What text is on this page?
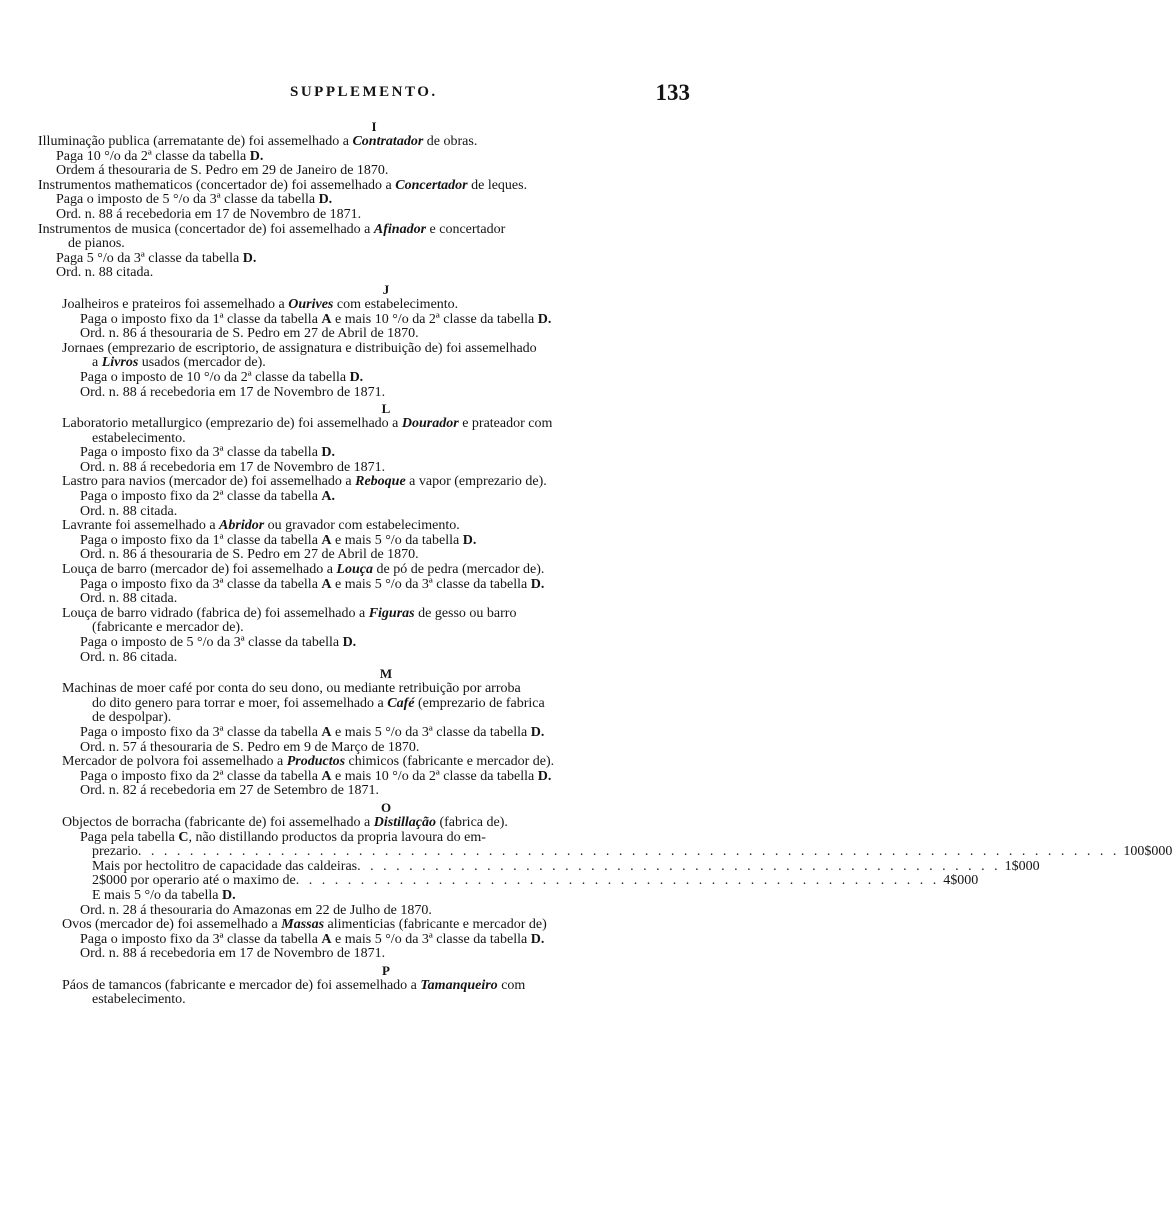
SUPPLEMENTO.	133
I
Illuminação publica (arrematante de) foi assemelhado a Contratador de obras.
Paga 10 °/o da 2ª classe da tabella D.
Ordem á thesouraria de S. Pedro em 29 de Janeiro de 1870.
Instrumentos mathematicos (concertador de) foi assemelhado a Concertador de leques.
Paga o imposto de 5 °/o da 3ª classe da tabella D.
Ord. n. 88 á recebedoria em 17 de Novembro de 1871.
Instrumentos de musica (concertador de) foi assemelhado a Afinador e concertador
de pianos.
Paga 5 °/o da 3ª classe da tabella D.
Ord. n. 88 citada.
J
Joalheiros e prateiros foi assemelhado a Ourives com estabelecimento.
Paga o imposto fixo da 1ª classe da tabella A e mais 10 °/o da 2ª classe da tabella D.
Ord. n. 86 á thesouraria de S. Pedro em 27 de Abril de 1870.
Jornaes (emprezario de escriptorio, de assignatura e distribuição de) foi assemelhado
a Livros usados (mercador de).
Paga o imposto de 10 °/o da 2ª classe da tabella D.
Ord. n. 88 á recebedoria em 17 de Novembro de 1871.
L
Laboratorio metallurgico (emprezario de) foi assemelhado a Dourador e prateador com
estabelecimento.
Paga o imposto fixo da 3ª classe da tabella D.
Ord. n. 88 á recebedoria em 17 de Novembro de 1871.
Lastro para navios (mercador de) foi assemelhado a Reboque a vapor (emprezario de).
Paga o imposto fixo da 2ª classe da tabella A.
Ord. n. 88 citada.
Lavrante foi assemelhado a Abridor ou gravador com estabelecimento.
Paga o imposto fixo da 1ª classe da tabella A e mais 5 °/o da tabella D.
Ord. n. 86 á thesouraria de S. Pedro em 27 de Abril de 1870.
Louça de barro (mercador de) foi assemelhado a Louça de pó de pedra (mercador de).
Paga o imposto fixo da 3ª classe da tabella A e mais 5 °/o da 3ª classe da tabella D.
Ord. n. 88 citada.
Louça de barro vidrado (fabrica de) foi assemelhado a Figuras de gesso ou barro
(fabricante e mercador de).
Paga o imposto de 5 °/o da 3ª classe da tabella D.
Ord. n. 86 citada.
M
Machinas de moer café por conta do seu dono, ou mediante retribuição por arroba
do dito genero para torrar e moer, foi assemelhado a Café (emprezario de fabrica
de despolpar).
Paga o imposto fixo da 3ª classe da tabella A e mais 5 °/o da 3ª classe da tabella D.
Ord. n. 57 á thesouraria de S. Pedro em 9 de Março de 1870.
Mercador de polvora foi assemelhado a Productos chimicos (fabricante e mercador de).
Paga o imposto fixo da 2ª classe da tabella A e mais 10 °/o da 2ª classe da tabella D.
Ord. n. 82 á recebedoria em 27 de Setembro de 1871.
O
Objectos de borracha (fabricante de) foi assemelhado a Distillação (fabrica de).
Paga pela tabella C, não distillando productos da propria lavoura do em-
prezario . . . . . . . . . . . . . . . . . . . . . . . . . . . . . . . . . . . . . . . . . . . . . . . . . . . . . . . . . . . . . . . . . . . . . . . . . . . . 100$000
Mais por hectolitro de capacidade das caldeiras . . . . . . . . . . . . . . . . . . . . . . . . . . . . . . . . . . . . . . . . . . . . . . . . . . 1$000
2$000 por operario até o maximo de . . . . . . . . . . . . . . . . . . . . . . . . . . . . . . . . . . . . . . . . . . . . . . . . . . 4$000
E mais 5 °/o da tabella D.
Ord. n. 28 á thesouraria do Amazonas em 22 de Julho de 1870.
Ovos (mercador de) foi assemelhado a Massas alimenticias (fabricante e mercador de)
Paga o imposto fixo da 3ª classe da tabella A e mais 5 °/o da 3ª classe da tabella D.
Ord. n. 88 á recebedoria em 17 de Novembro de 1871.
P
Páos de tamancos (fabricante e mercador de) foi assemelhado a Tamanqueiro com
estabelecimento.
